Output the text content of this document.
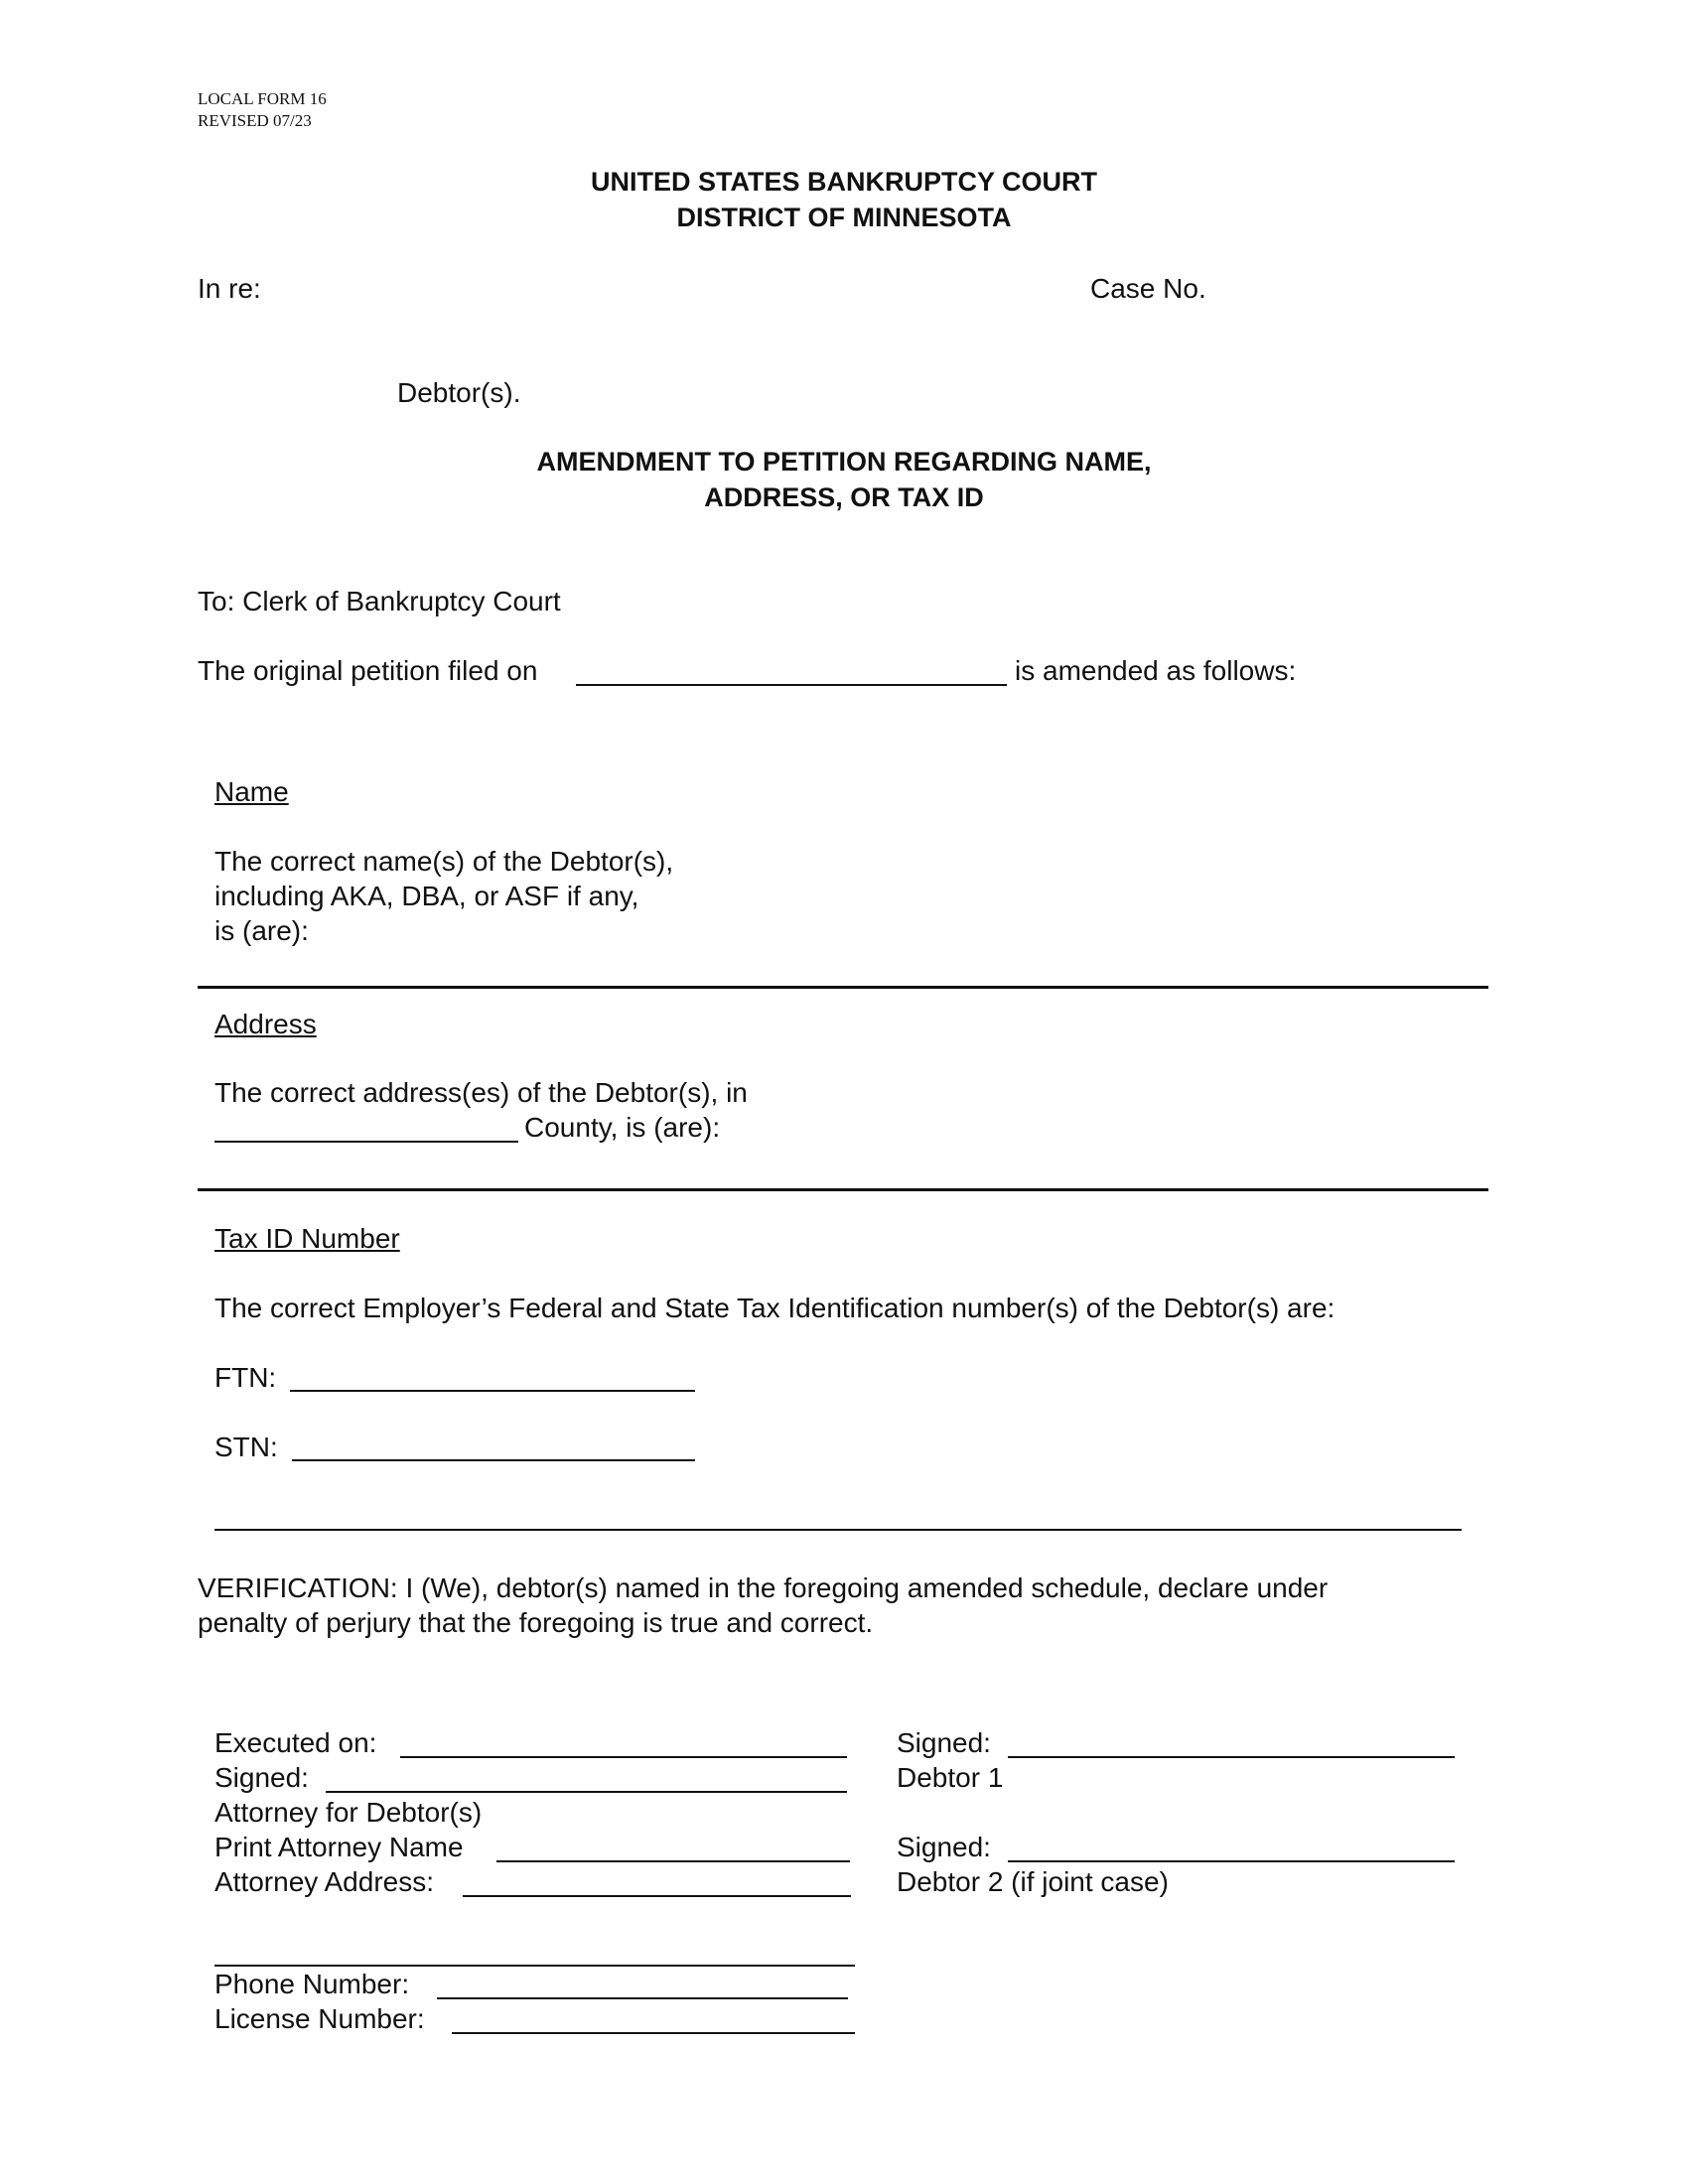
LOCAL FORM 16
REVISED 07/23
UNITED STATES BANKRUPTCY COURT
DISTRICT OF MINNESOTA
In re:	Case No.
Debtor(s).
AMENDMENT TO PETITION REGARDING NAME,
ADDRESS, OR TAX ID
To: Clerk of Bankruptcy Court
The original petition filed on	is amended as follows:
Name
The correct name(s) of the Debtor(s),
including AKA, DBA, or ASF if any,
is (are):
Address
The correct address(es) of the Debtor(s), in
County, is (are):
Tax ID Number
The correct Employer’s Federal and State Tax Identification number(s) of the Debtor(s) are:
FTN:
STN:
VERIFICATION: I (We), debtor(s) named in the foregoing amended schedule, declare under
penalty of perjury that the foregoing is true and correct.
Executed on:
Signed:
Attorney for Debtor(s)
Print Attorney Name
Attorney Address:
Phone Number:
License Number:
Signed:
Debtor 1
Signed:
Debtor 2 (if joint case)
